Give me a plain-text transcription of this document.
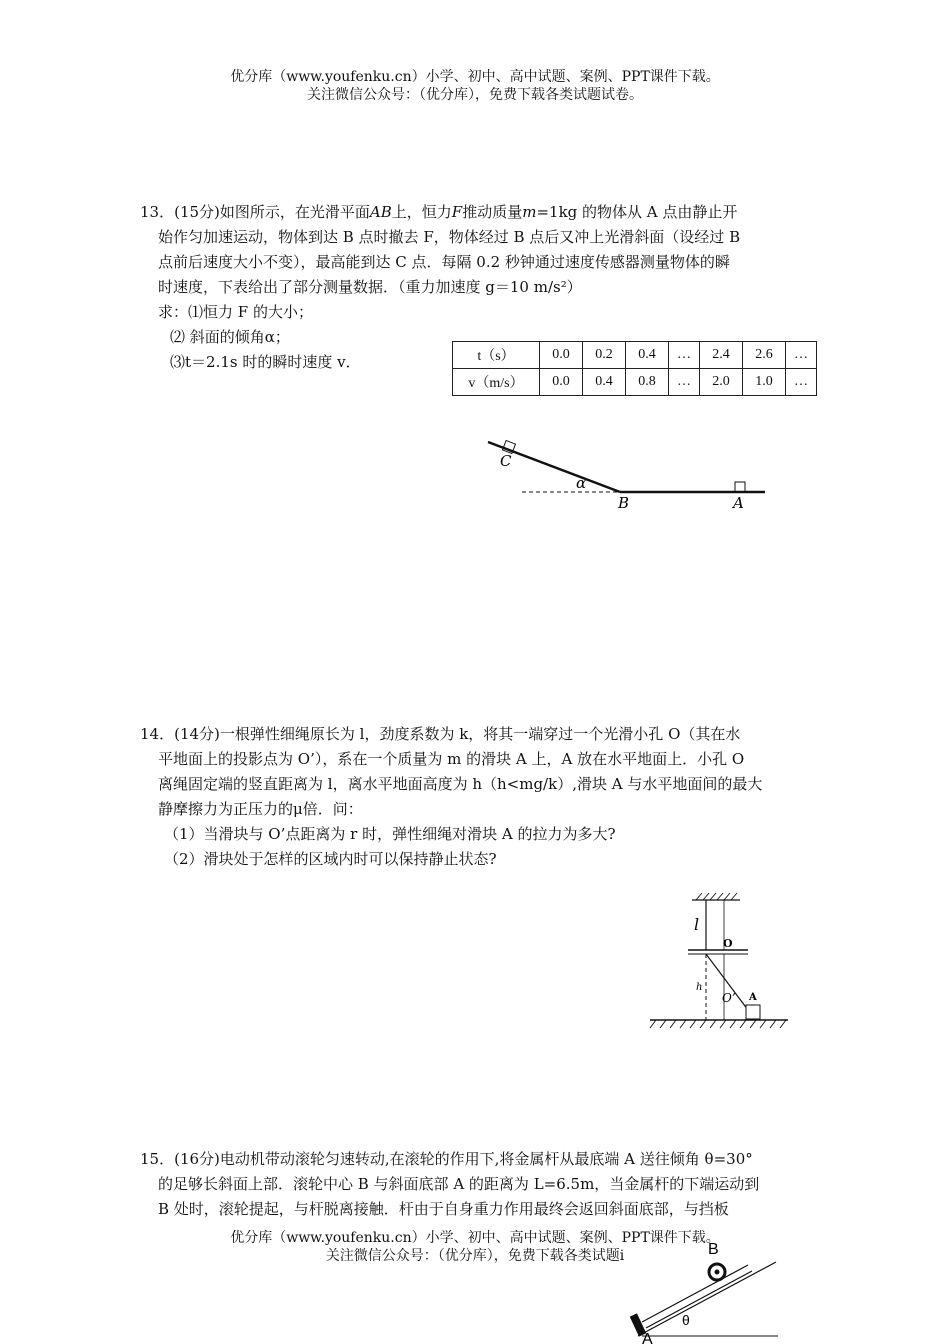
优分库（www.youfenku.cn）小学、初中、高中试题、案例、PPT课件下载。
关注微信公众号：（优分库），免费下载各类试题试卷。
13．(15分)如图所示，在光滑平面AB上，恒力F推动质量m=1kg 的物体从 A 点由静止开
始作匀加速运动，物体到达 B 点时撤去 F，物体经过 B 点后又冲上光滑斜面（设经过 B
点前后速度大小不变），最高能到达 C 点．每隔 0.2 秒钟通过速度传感器测量物体的瞬
时速度，下表给出了部分测量数据．（重力加速度 g＝10 m/s²）
求：⑴恒力 F 的大小；
⑵ 斜面的倾角α；
⑶t＝2.1s 时的瞬时速度 v．	t（s）	0.0	0.2	0.4	…	2.4	2.6	…
v（m/s）	0.0	0.4	0.8	…	2.0	1.0	…
C
α
B	A
14．(14分)一根弹性细绳原长为 l，劲度系数为 k，将其一端穿过一个光滑小孔 O（其在水
平地面上的投影点为 O’），系在一个质量为 m 的滑块 A 上，A 放在水平地面上．小孔 O
离绳固定端的竖直距离为 l，离水平地面高度为 h（h<mg/k）,滑块 A 与水平地面间的最大
静摩擦力为正压力的μ倍．问：
（1）当滑块与 O’点距离为 r 时，弹性细绳对滑块 A 的拉力为多大?
（2）滑块处于怎样的区域内时可以保持静止状态?
l
O
h
O’ A
15．(16分)电动机带动滚轮匀速转动,在滚轮的作用下,将金属杆从最底端 A 送往倾角 θ=30°
的足够长斜面上部．滚轮中心 B 与斜面底部 A 的距离为 L=6.5m，当金属杆的下端运动到
B 处时，滚轮提起，与杆脱离接触．杆由于自身重力作用最终会返回斜面底部，与挡板
B
θ
A
优分库（www.youfenku.cn）小学、初中、高中试题、案例、PPT课件下载。
关注微信公众号：（优分库），免费下载各类试题i
